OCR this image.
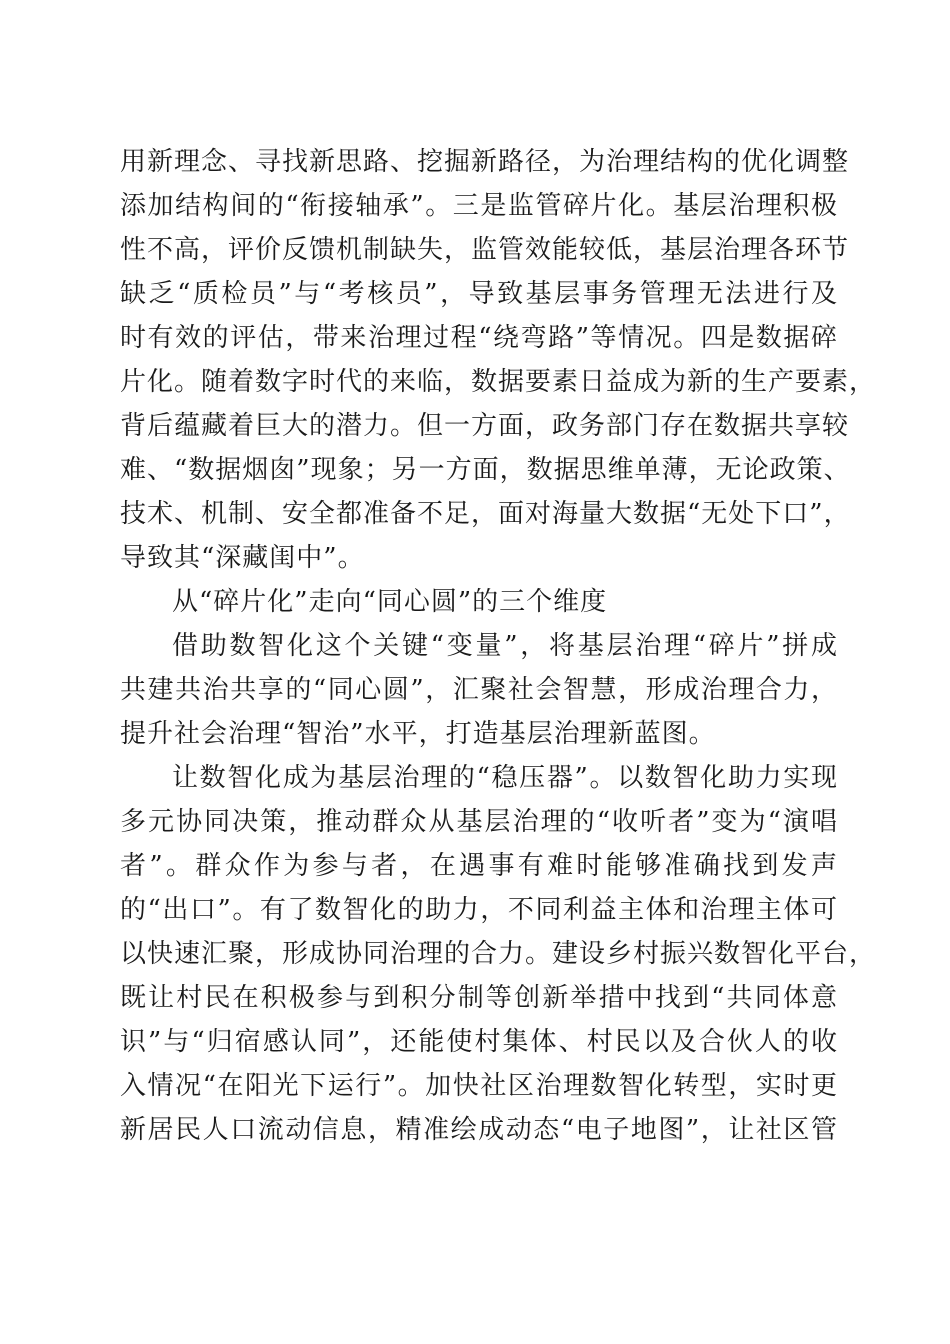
用新理念、寻找新思路、挖掘新路径，为治理结构的优化调整
添加结构间的“衔接轴承”。三是监管碎片化。基层治理积极
性不高，评价反馈机制缺失，监管效能较低，基层治理各环节
缺乏“质检员”与“考核员”，导致基层事务管理无法进行及
时有效的评估，带来治理过程“绕弯路”等情况。四是数据碎
片化。随着数字时代的来临，数据要素日益成为新的生产要素，
背后蕴藏着巨大的潜力。但一方面，政务部门存在数据共享较
难、“数据烟囱”现象；另一方面，数据思维单薄，无论政策、
技术、机制、安全都准备不足，面对海量大数据“无处下口”，
导致其“深藏闺中”。
从“碎片化”走向“同心圆”的三个维度
借助数智化这个关键“变量”，将基层治理“碎片”拼成
共建共治共享的“同心圆”，汇聚社会智慧，形成治理合力，
提升社会治理“智治”水平，打造基层治理新蓝图。
让数智化成为基层治理的“稳压器”。以数智化助力实现
多元协同决策，推动群众从基层治理的“收听者”变为“演唱
者”。群众作为参与者，在遇事有难时能够准确找到发声
的“出口”。有了数智化的助力，不同利益主体和治理主体可
以快速汇聚，形成协同治理的合力。建设乡村振兴数智化平台，
既让村民在积极参与到积分制等创新举措中找到“共同体意
识”与“归宿感认同”，还能使村集体、村民以及合伙人的收
入情况“在阳光下运行”。加快社区治理数智化转型，实时更
新居民人口流动信息，精准绘成动态“电子地图”，让社区管
